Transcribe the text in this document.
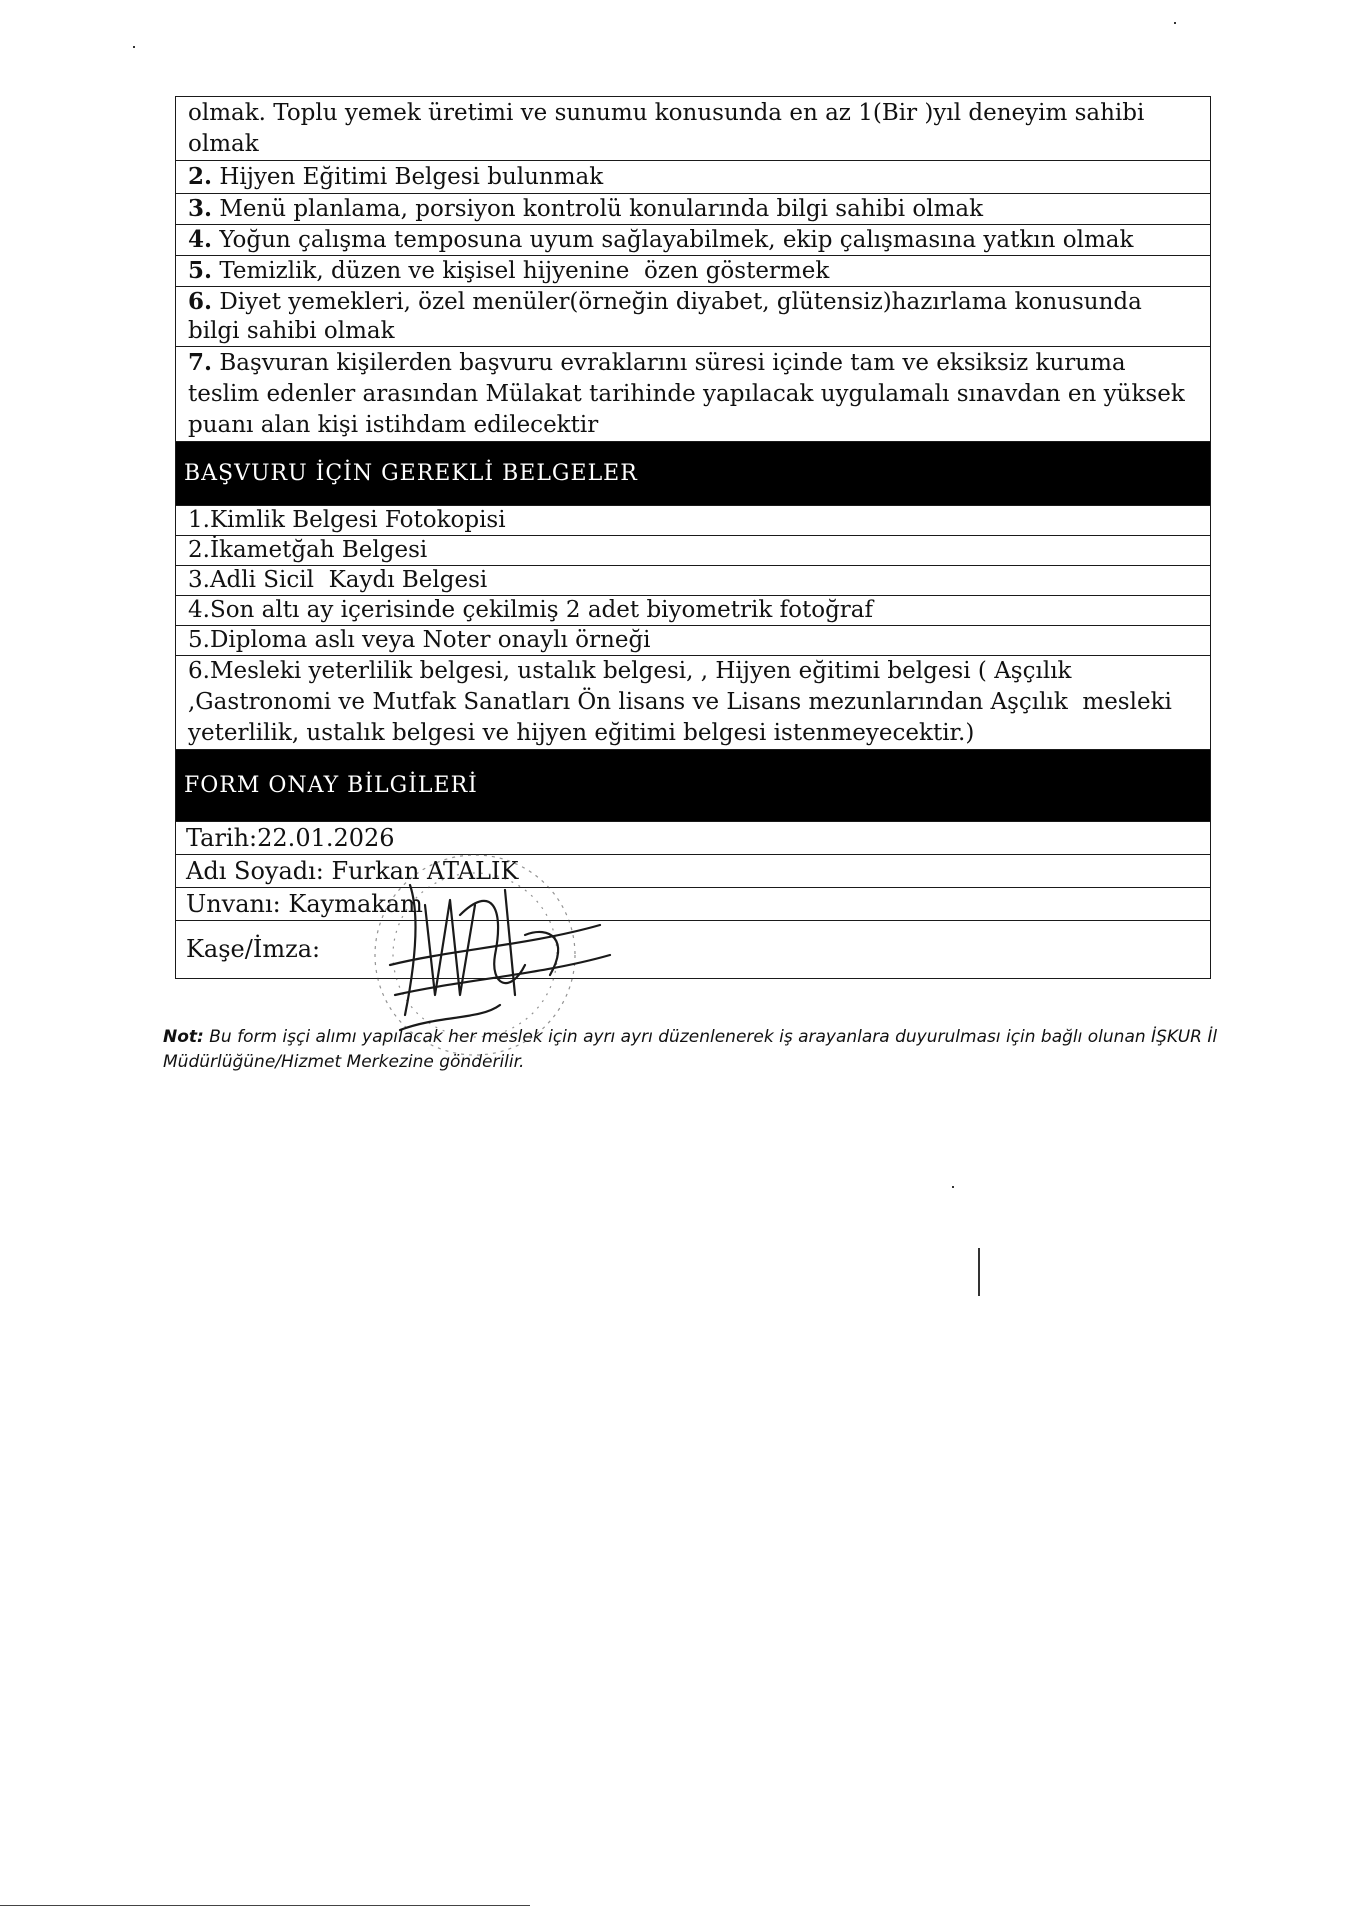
olmak. Toplu yemek üretimi ve sunumu konusunda en az 1(Bir )yıl deneyim sahibi
olmak
2. Hijyen Eğitimi Belgesi bulunmak
3. Menü planlama, porsiyon kontrolü konularında bilgi sahibi olmak
4. Yoğun çalışma temposuna uyum sağlayabilmek, ekip çalışmasına yatkın olmak
5. Temizlik, düzen ve kişisel hijyenine  özen göstermek
6. Diyet yemekleri, özel menüler(örneğin diyabet, glütensiz)hazırlama konusunda
bilgi sahibi olmak
7. Başvuran kişilerden başvuru evraklarını süresi içinde tam ve eksiksiz kuruma
teslim edenler arasından Mülakat tarihinde yapılacak uygulamalı sınavdan en yüksek
puanı alan kişi istihdam edilecektir
BAŞVURU İÇİN GEREKLİ BELGELER
1.Kimlik Belgesi Fotokopisi
2.İkametğah Belgesi
3.Adli Sicil  Kaydı Belgesi
4.Son altı ay içerisinde çekilmiş 2 adet biyometrik fotoğraf
5.Diploma aslı veya Noter onaylı örneği
6.Mesleki yeterlilik belgesi, ustalık belgesi, , Hijyen eğitimi belgesi ( Aşçılık
,Gastronomi ve Mutfak Sanatları Ön lisans ve Lisans mezunlarından Aşçılık  mesleki
yeterlilik, ustalık belgesi ve hijyen eğitimi belgesi istenmeyecektir.)
FORM ONAY BİLGİLERİ
Tarih:22.01.2026
Adı Soyadı: Furkan ATALIK
Unvanı: Kaymakam
Kaşe/İmza:
Not: Bu form işçi alımı yapılacak her meslek için ayrı ayrı düzenlenerek iş arayanlara duyurulması için bağlı olunan İŞKUR İl Müdürlüğüne/Hizmet Merkezine gönderilir.
